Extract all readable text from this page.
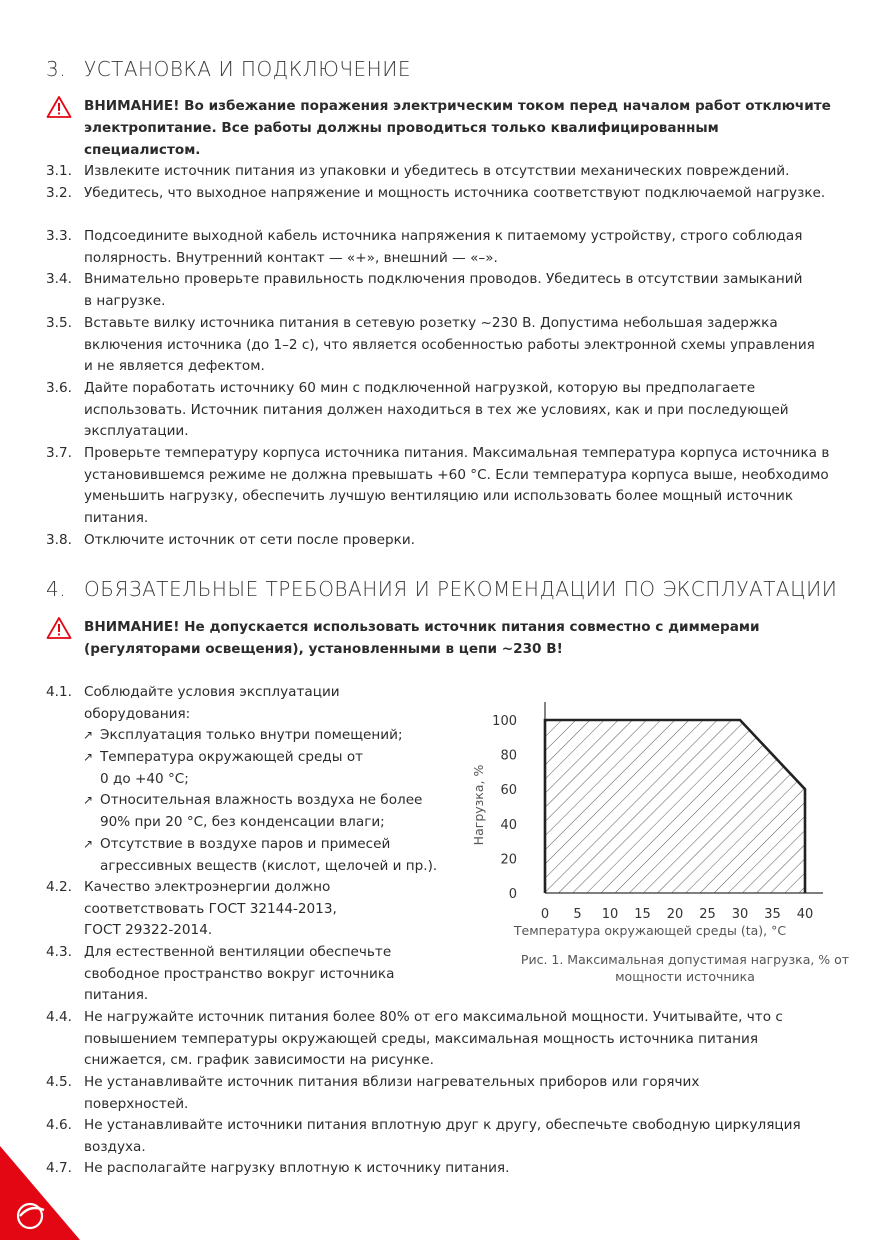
3. УСТАНОВКА И ПОДКЛЮЧЕНИЕ
ВНИМАНИЕ! Во избежание поражения электрическим током перед началом работ отключите электропитание. Все работы должны проводиться только квалифицированным специалистом.
3.1. Извлеките источник питания из упаковки и убедитесь в отсутствии механических повреждений.
3.2. Убедитесь, что выходное напряжение и мощность источника соответствуют подключаемой нагрузке.
3.3. Подсоедините выходной кабель источника напряжения к питаемому устройству, строго соблюдая полярность. Внутренний контакт — «+», внешний — «–».
3.4. Внимательно проверьте правильность подключения проводов. Убедитесь в отсутствии замыканий в нагрузке.
3.5. Вставьте вилку источника питания в сетевую розетку ~230 В. Допустима небольшая задержка включения источника (до 1–2 с), что является особенностью работы электронной схемы управления и не является дефектом.
3.6. Дайте поработать источнику 60 мин с подключенной нагрузкой, которую вы предполагаете использовать. Источник питания должен находиться в тех же условиях, как и при последующей эксплуатации.
3.7. Проверьте температуру корпуса источника питания. Максимальная температура корпуса источника в установившемся режиме не должна превышать +60 °С. Если температура корпуса выше, необходимо уменьшить нагрузку, обеспечить лучшую вентиляцию или использовать более мощный источник питания.
3.8. Отключите источник от сети после проверки.
4. ОБЯЗАТЕЛЬНЫЕ ТРЕБОВАНИЯ И РЕКОМЕНДАЦИИ ПО ЭКСПЛУАТАЦИИ
ВНИМАНИЕ! Не допускается использовать источник питания совместно с диммерами (регуляторами освещения), установленными в цепи ~230 В!
4.1. Соблюдайте условия эксплуатации оборудования:
↗ Эксплуатация только внутри помещений;
↗ Температура окружающей среды от 0 до +40 °С;
↗ Относительная влажность воздуха не более 90% при 20 °С, без конденсации влаги;
↗ Отсутствие в воздухе паров и примесей агрессивных веществ (кислот, щелочей и пр.).
4.2. Качество электроэнергии должно соответствовать ГОСТ 32144-2013, ГОСТ 29322-2014.
4.3. Для естественной вентиляции обеспечьте свободное пространство вокруг источника питания.
4.4. Не нагружайте источник питания более 80% от его максимальной мощности. Учитывайте, что с повышением температуры окружающей среды, максимальная мощность источника питания снижается, см. график зависимости на рисунке.
4.5. Не устанавливайте источник питания вблизи нагревательных приборов или горячих поверхностей.
4.6. Не устанавливайте источники питания вплотную друг к другу, обеспечьте свободную циркуляция воздуха.
4.7. Не располагайте нагрузку вплотную к источнику питания.
0
20
40
60
80
100
0 5 10 15 20 25 30 35 40
Температура окружающей среды (ta), °С
Нагрузка, %
Рис. 1. Максимальная допустимая нагрузка, % от мощности источника
